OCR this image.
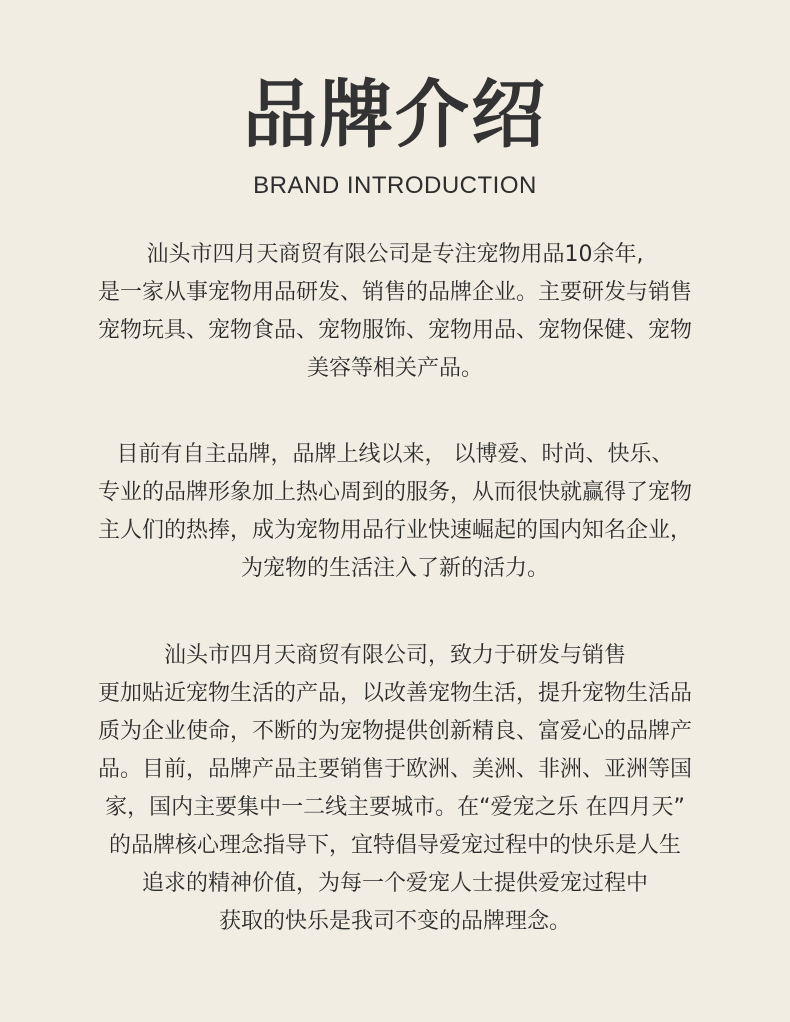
品牌介绍
BRAND INTRODUCTION
汕头市四月天商贸有限公司是专注宠物用品10余年,
是一家从事宠物用品研发、销售的品牌企业。主要研发与销售
宠物玩具、宠物食品、宠物服饰、宠物用品、宠物保健、宠物
美容等相关产品。
目前有自主品牌，品牌上线以来， 以博爱、时尚、快乐、
专业的品牌形象加上热心周到的服务，从而很快就赢得了宠物
主人们的热捧，成为宠物用品行业快速崛起的国内知名企业，
为宠物的生活注入了新的活力。
汕头市四月天商贸有限公司，致力于研发与销售
更加贴近宠物生活的产品，以改善宠物生活，提升宠物生活品
质为企业使命，不断的为宠物提供创新精良、富爱心的品牌产
品。目前，品牌产品主要销售于欧洲、美洲、非洲、亚洲等国
家，国内主要集中一二线主要城市。在“爱宠之乐 在四月天”
的品牌核心理念指导下，宜特倡导爱宠过程中的快乐是人生
追求的精神价值，为每一个爱宠人士提供爱宠过程中
获取的快乐是我司不变的品牌理念。
